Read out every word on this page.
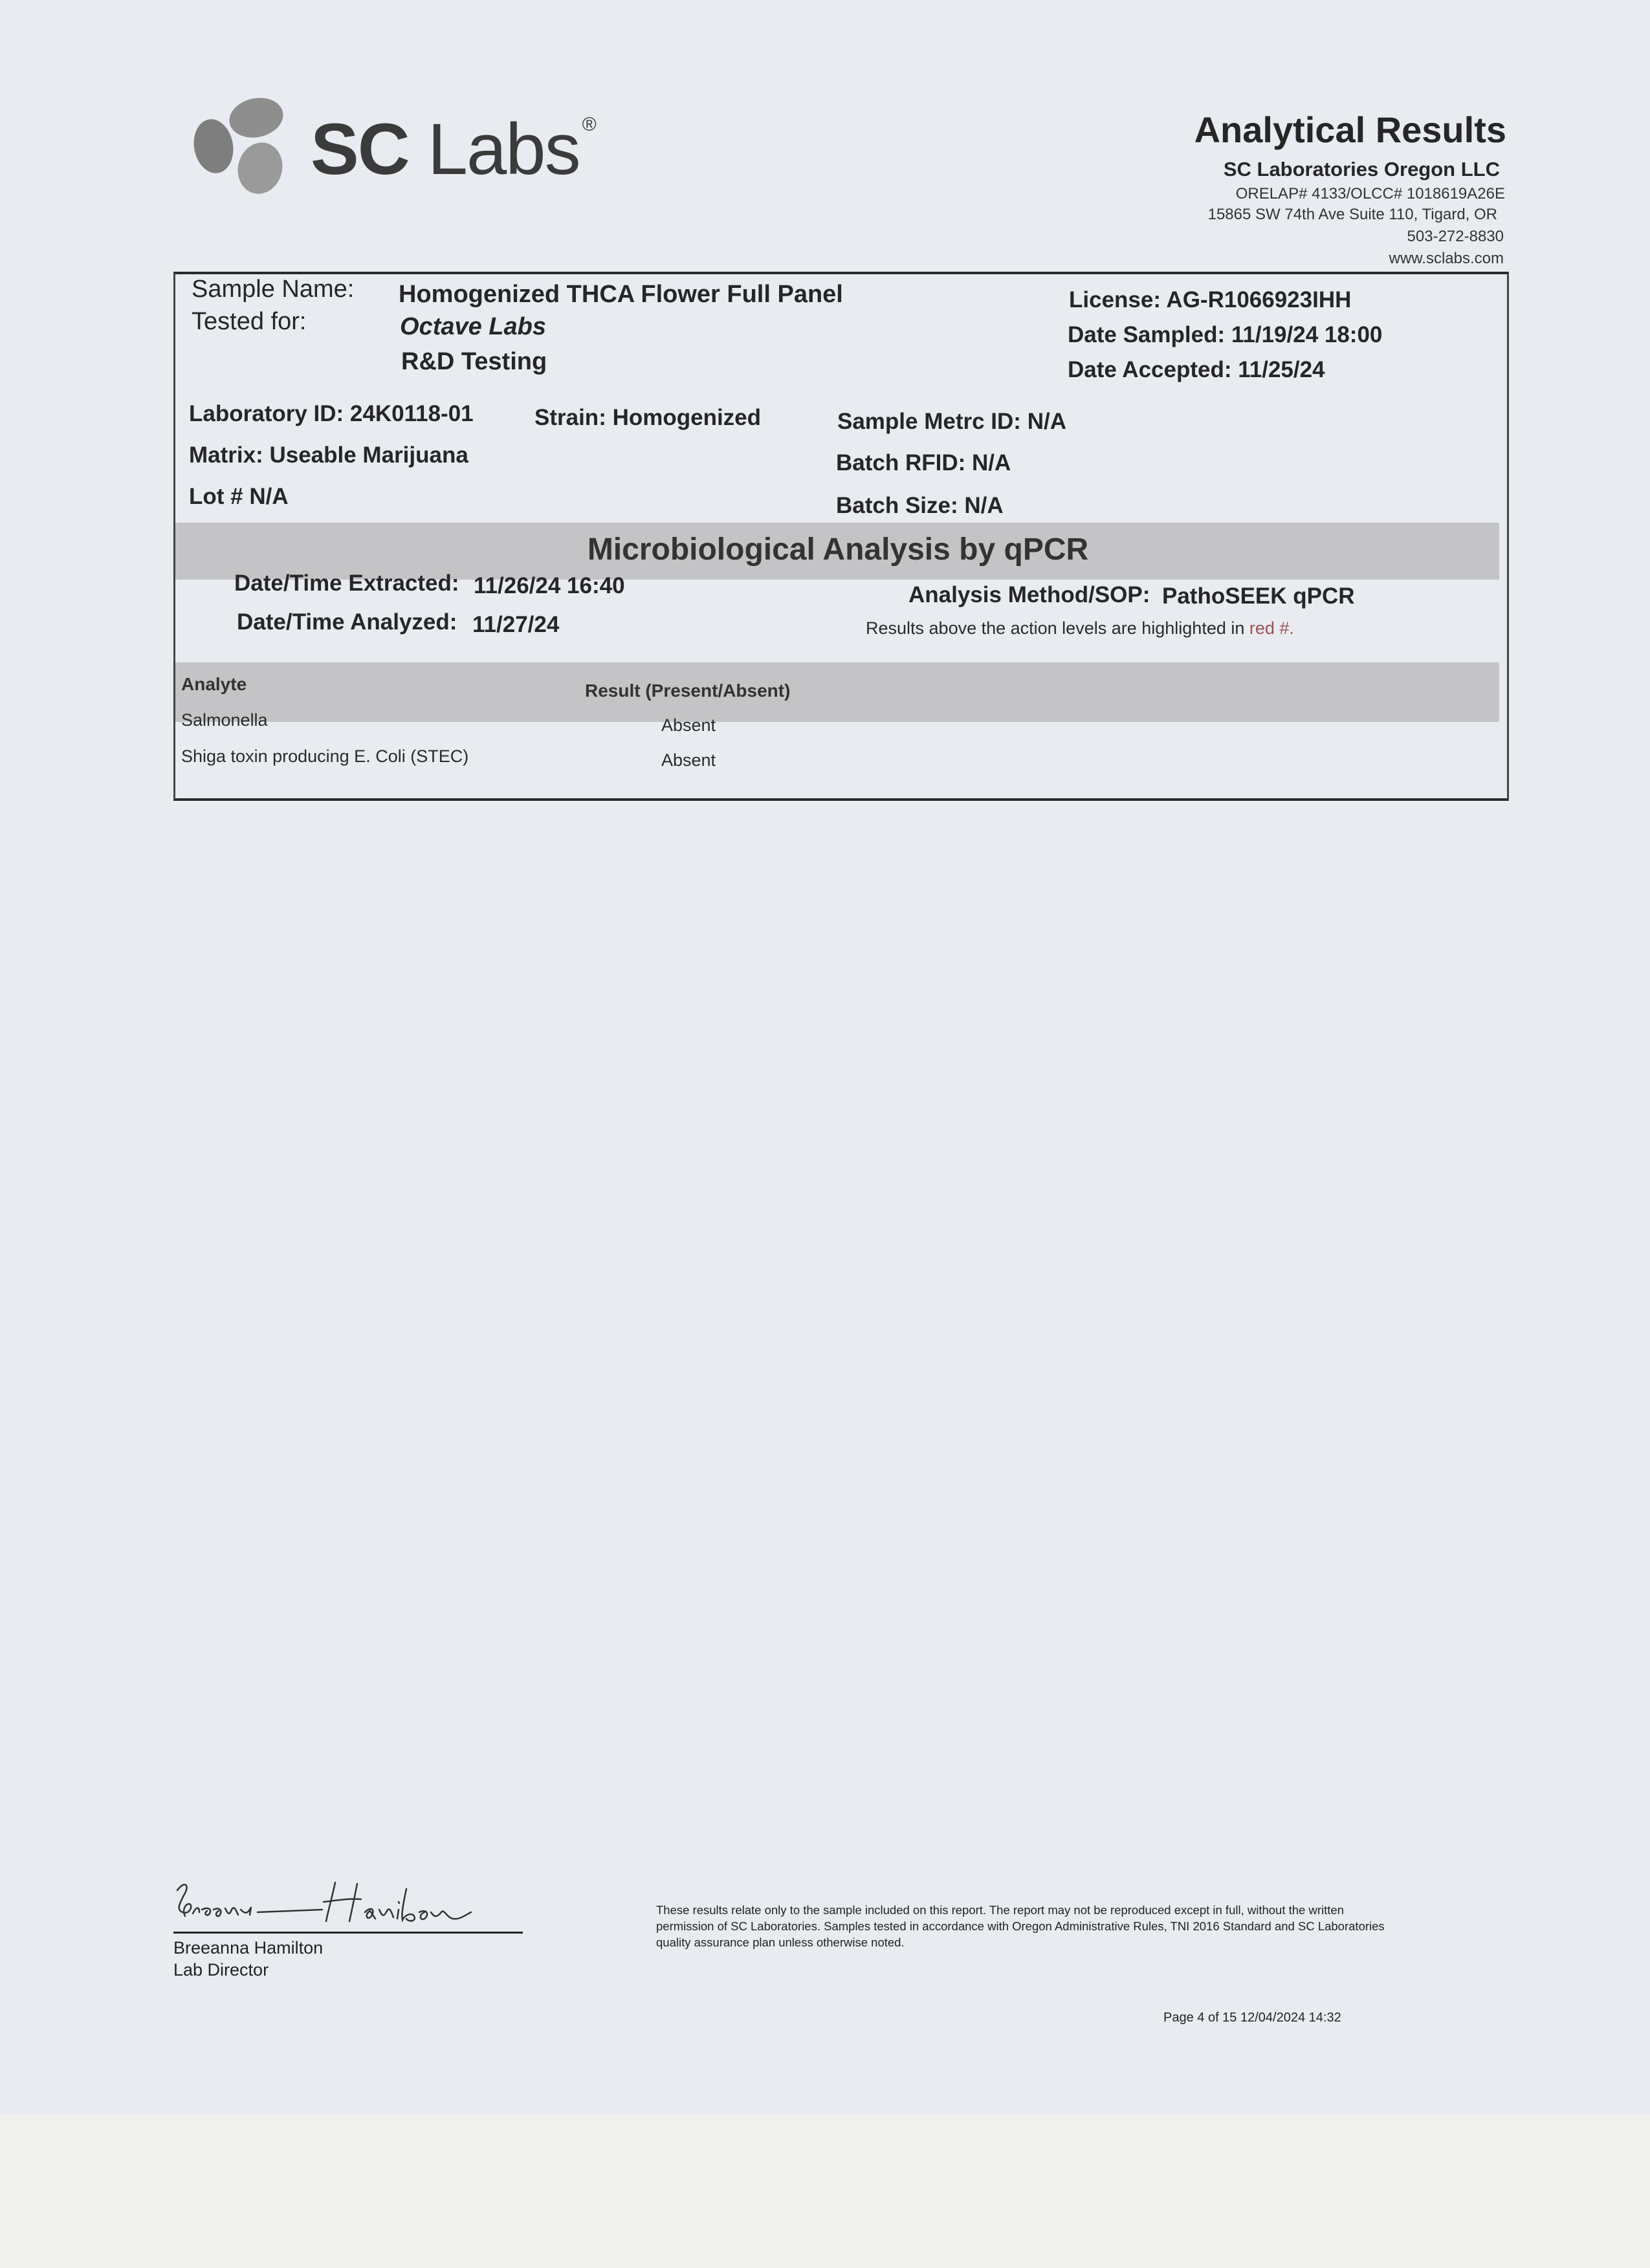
SC Labs ®	Analytical Results
SC Laboratories Oregon LLC
ORELAP# 4133/OLCC# 1018619A26E
15865 SW 74th Ave Suite 110, Tigard, OR
503-272-8830
www.sclabs.com
Sample Name: Homogenized THCA Flower Full Panel
Tested for:	Octave Labs
R&D Testing
License: AG-R1066923IHH
Date Sampled: 11/19/24 18:00
Date Accepted: 11/25/24
Laboratory ID: 24K0118-01	Strain: Homogenized	Sample Metrc ID: N/A
Matrix: Useable Marijuana	Batch RFID: N/A
Lot # N/A	Batch Size: N/A
Microbiological Analysis by qPCR
Date/Time Extracted: 11/26/24 16:40
Date/Time Analyzed: 11/27/24
Analysis Method/SOP: PathoSEEK qPCR
Results above the action levels are highlighted in red #.
Analyte	Result (Present/Absent)
Salmonella	Absent
Shiga toxin producing E. Coli (STEC)	Absent
Breeanna Hamilton
Lab Director
These results relate only to the sample included on this report. The report may not be reproduced except in full, without the written permission of SC Laboratories. Samples tested in accordance with Oregon Administrative Rules, TNI 2016 Standard and SC Laboratories quality assurance plan unless otherwise noted.
Page 4 of 15 12/04/2024 14:32
